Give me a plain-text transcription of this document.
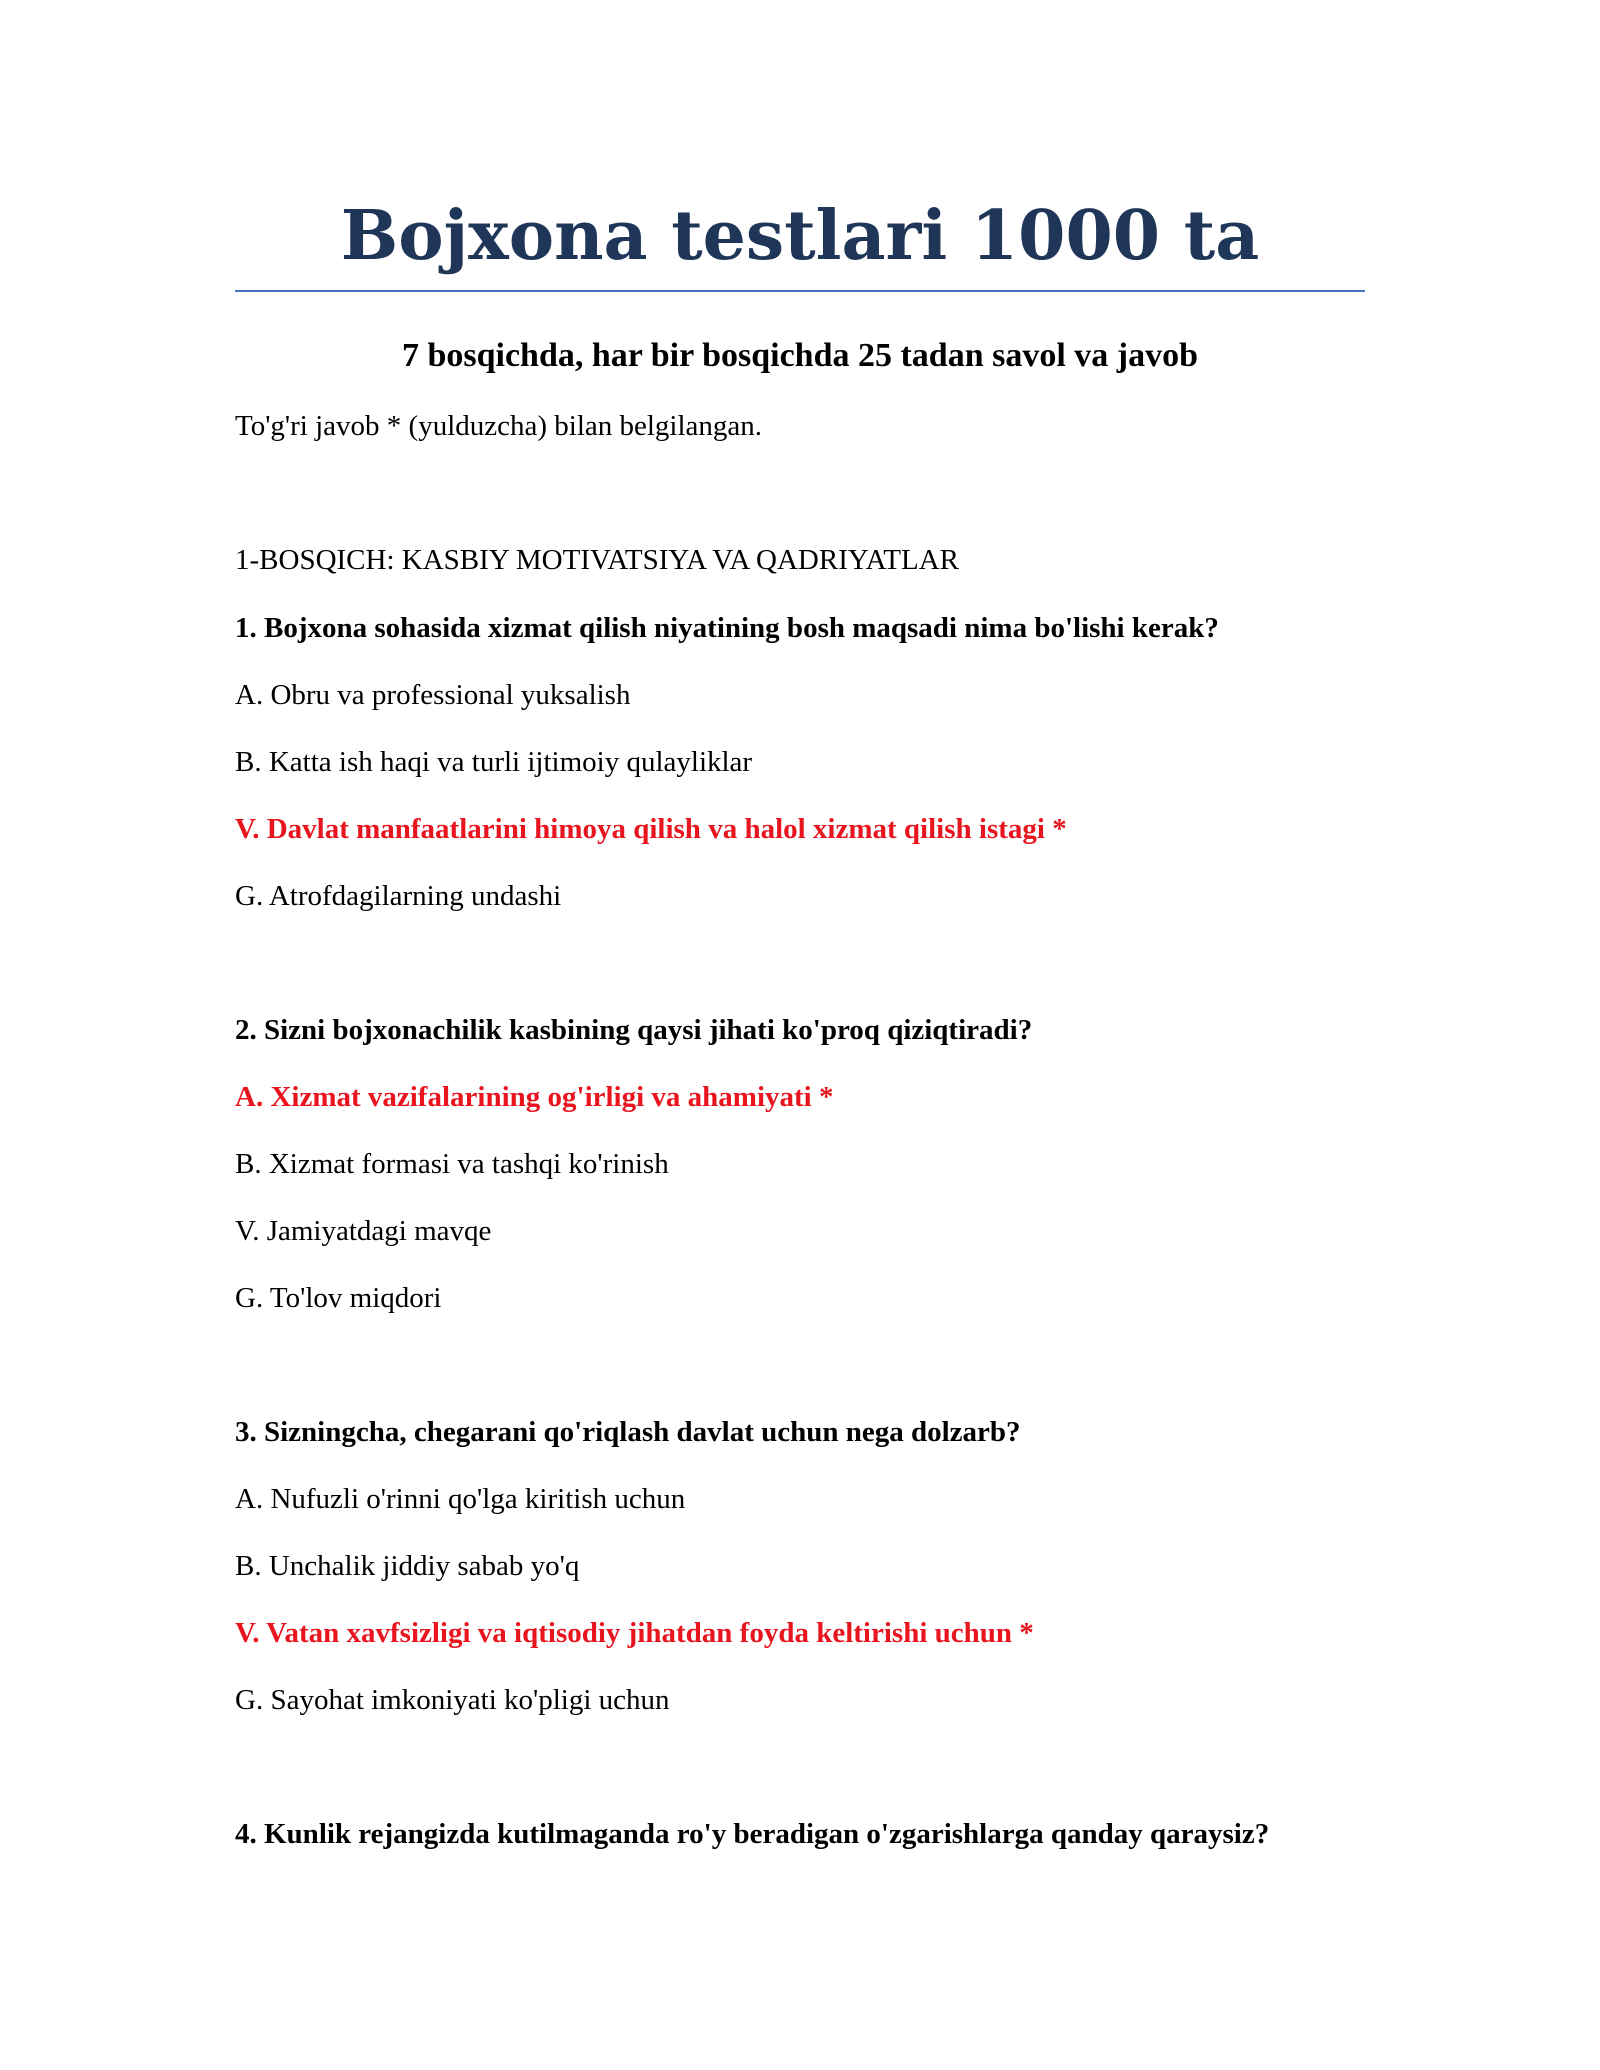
Bojxona testlari 1000 ta
7 bosqichda, har bir bosqichda 25 tadan savol va javob

To'g'ri javob * (yulduzcha) bilan belgilangan.

1-BOSQICH: KASBIY MOTIVATSIYA VA QADRIYATLAR

1. Bojxona sohasida xizmat qilish niyatining bosh maqsadi nima bo'lishi kerak?

A. Obru va professional yuksalish

B. Katta ish haqi va turli ijtimoiy qulayliklar

V. Davlat manfaatlarini himoya qilish va halol xizmat qilish istagi *

G. Atrofdagilarning undashi

2. Sizni bojxonachilik kasbining qaysi jihati ko'proq qiziqtiradi?

A. Xizmat vazifalarining og'irligi va ahamiyati *

B. Xizmat formasi va tashqi ko'rinish

V. Jamiyatdagi mavqe

G. To'lov miqdori

3. Sizningcha, chegarani qo'riqlash davlat uchun nega dolzarb?

A. Nufuzli o'rinni qo'lga kiritish uchun

B. Unchalik jiddiy sabab yo'q

V. Vatan xavfsizligi va iqtisodiy jihatdan foyda keltirishi uchun *

G. Sayohat imkoniyati ko'pligi uchun

4. Kunlik rejangizda kutilmaganda ro'y beradigan o'zgarishlarga qanday qaraysiz?
